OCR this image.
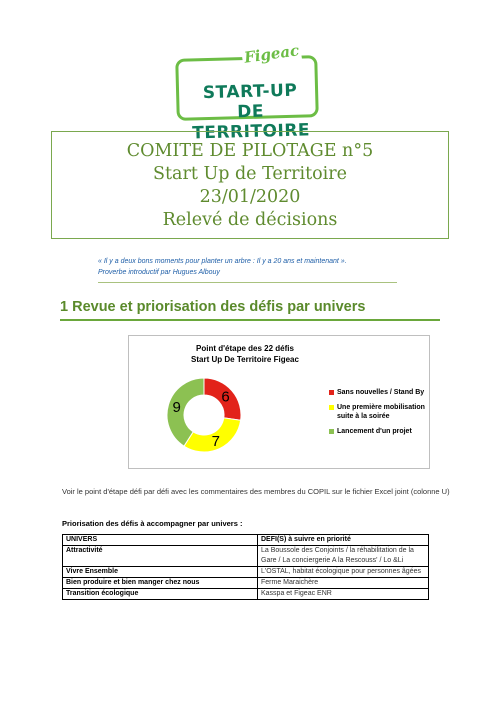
START-UP
DE TERRITOIRE
Figeac
COMITE DE PILOTAGE n°5
Start Up de Territoire
23/01/2020
Relevé de décisions
« Il y a deux bons moments pour planter un arbre : Il y a 20 ans et maintenant ».
Proverbe introductif par Hugues Albouy
1 Revue et priorisation des défis par univers
Point d'étape des 22 défis
Start Up De Territoire Figeac
6
7
9
Sans nouvelles / Stand By
Une première mobilisation suite à la soirée
Lancement d'un projet
Voir le point d'étape défi par défi avec les commentaires des membres du COPIL sur le fichier Excel joint (colonne U)
Priorisation des défis à accompagner par univers :
UNIVERS	DEFI(S) à suivre en priorité
Attractivité	La Boussole des Conjoints / la réhabilitation de la Gare / La conciergerie A la Rescouss' / Lo &Li
Vivre Ensemble	L'OSTAL, habitat écologique pour personnes âgées
Bien produire et bien manger chez nous	Ferme Maraichère
Transition écologique	Kasspa et Figeac ENR
